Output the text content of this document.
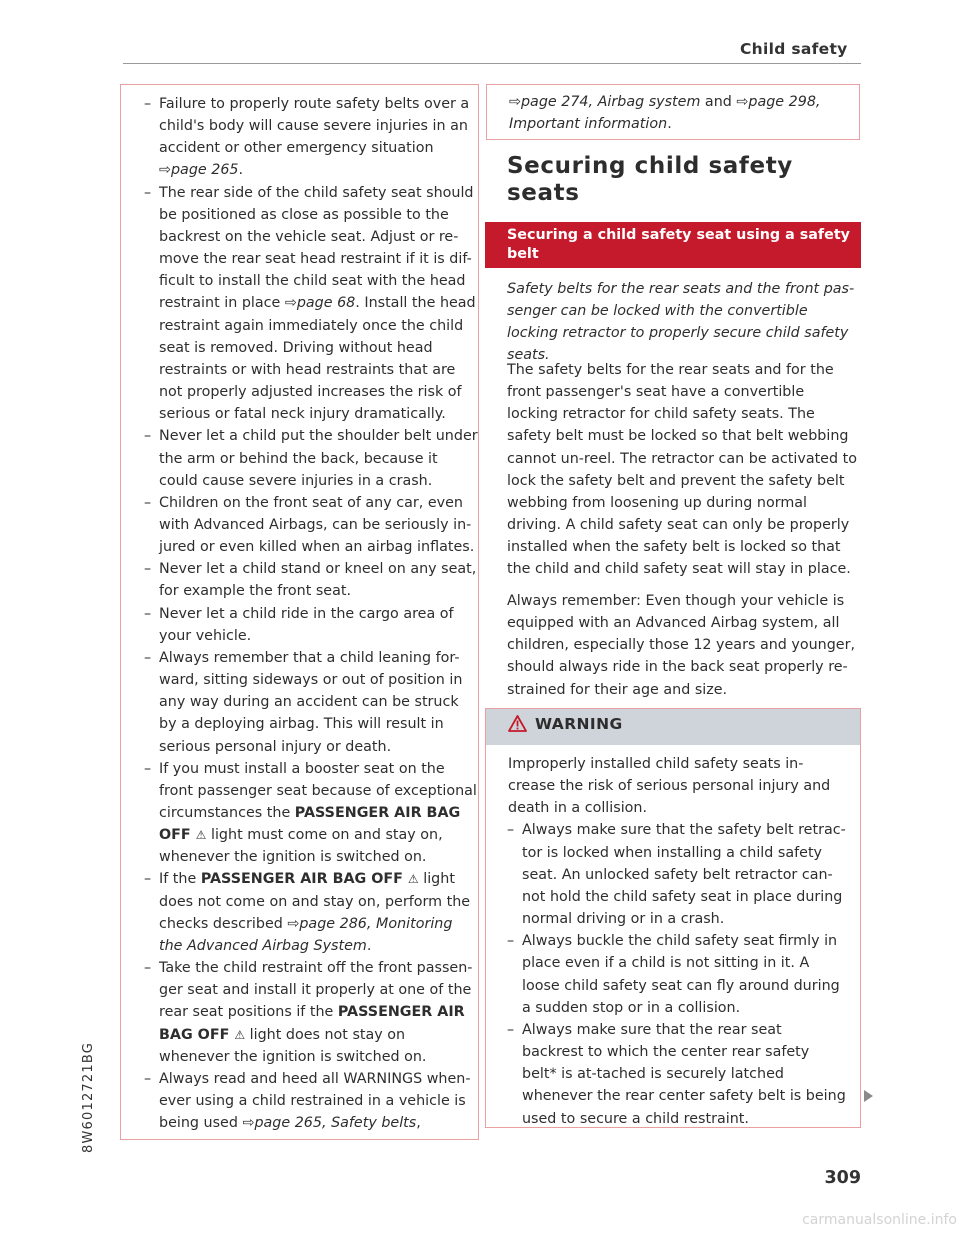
Child safety
8W6012721BG
– Failure to properly route safety belts over a child's body will cause severe injuries in an accident or other emergency situation ⇨page 265.
– The rear side of the child safety seat should be positioned as close as possible to the backrest on the vehicle seat. Adjust or re-move the rear seat head restraint if it is dif-ficult to install the child seat with the head restraint in place ⇨page 68. Install the head restraint again immediately once the child seat is removed. Driving without head restraints or with head restraints that are not properly adjusted increases the risk of serious or fatal neck injury dramatically.
– Never let a child put the shoulder belt under the arm or behind the back, because it could cause severe injuries in a crash.
– Children on the front seat of any car, even with Advanced Airbags, can be seriously in-jured or even killed when an airbag inflates.
– Never let a child stand or kneel on any seat, for example the front seat.
– Never let a child ride in the cargo area of your vehicle.
– Always remember that a child leaning for-ward, sitting sideways or out of position in any way during an accident can be struck by a deploying airbag. This will result in serious personal injury or death.
– If you must install a booster seat on the front passenger seat because of exceptional circumstances the PASSENGER AIR BAG OFF ⚠ light must come on and stay on, whenever the ignition is switched on.
– If the PASSENGER AIR BAG OFF ⚠ light does not come on and stay on, perform the checks described ⇨page 286, Monitoring the Advanced Airbag System.
– Take the child restraint off the front passen-ger seat and install it properly at one of the rear seat positions if the PASSENGER AIR BAG OFF ⚠ light does not stay on whenever the ignition is switched on.
– Always read and heed all WARNINGS when-ever using a child restrained in a vehicle is being used ⇨page 265, Safety belts,
⇨page 274, Airbag system and ⇨page 298, Important information.
Securing child safety seats
Securing a child safety seat using a safety belt
Safety belts for the rear seats and the front pas-senger can be locked with the convertible locking retractor to properly secure child safety seats.
The safety belts for the rear seats and for the front passenger's seat have a convertible locking retractor for child safety seats. The safety belt must be locked so that belt webbing cannot un-reel. The retractor can be activated to lock the safety belt and prevent the safety belt webbing from loosening up during normal driving. A child safety seat can only be properly installed when the safety belt is locked so that the child and child safety seat will stay in place.
Always remember: Even though your vehicle is equipped with an Advanced Airbag system, all children, especially those 12 years and younger, should always ride in the back seat properly re-strained for their age and size.
WARNING
Improperly installed child safety seats in-crease the risk of serious personal injury and death in a collision.
– Always make sure that the safety belt retrac-tor is locked when installing a child safety seat. An unlocked safety belt retractor can-not hold the child safety seat in place during normal driving or in a crash.
– Always buckle the child safety seat firmly in place even if a child is not sitting in it. A loose child safety seat can fly around during a sudden stop or in a collision.
– Always make sure that the rear seat backrest to which the center rear safety belt* is at-tached is securely latched whenever the rear center safety belt is being used to secure a child restraint.
309
carmanualsonline.info
